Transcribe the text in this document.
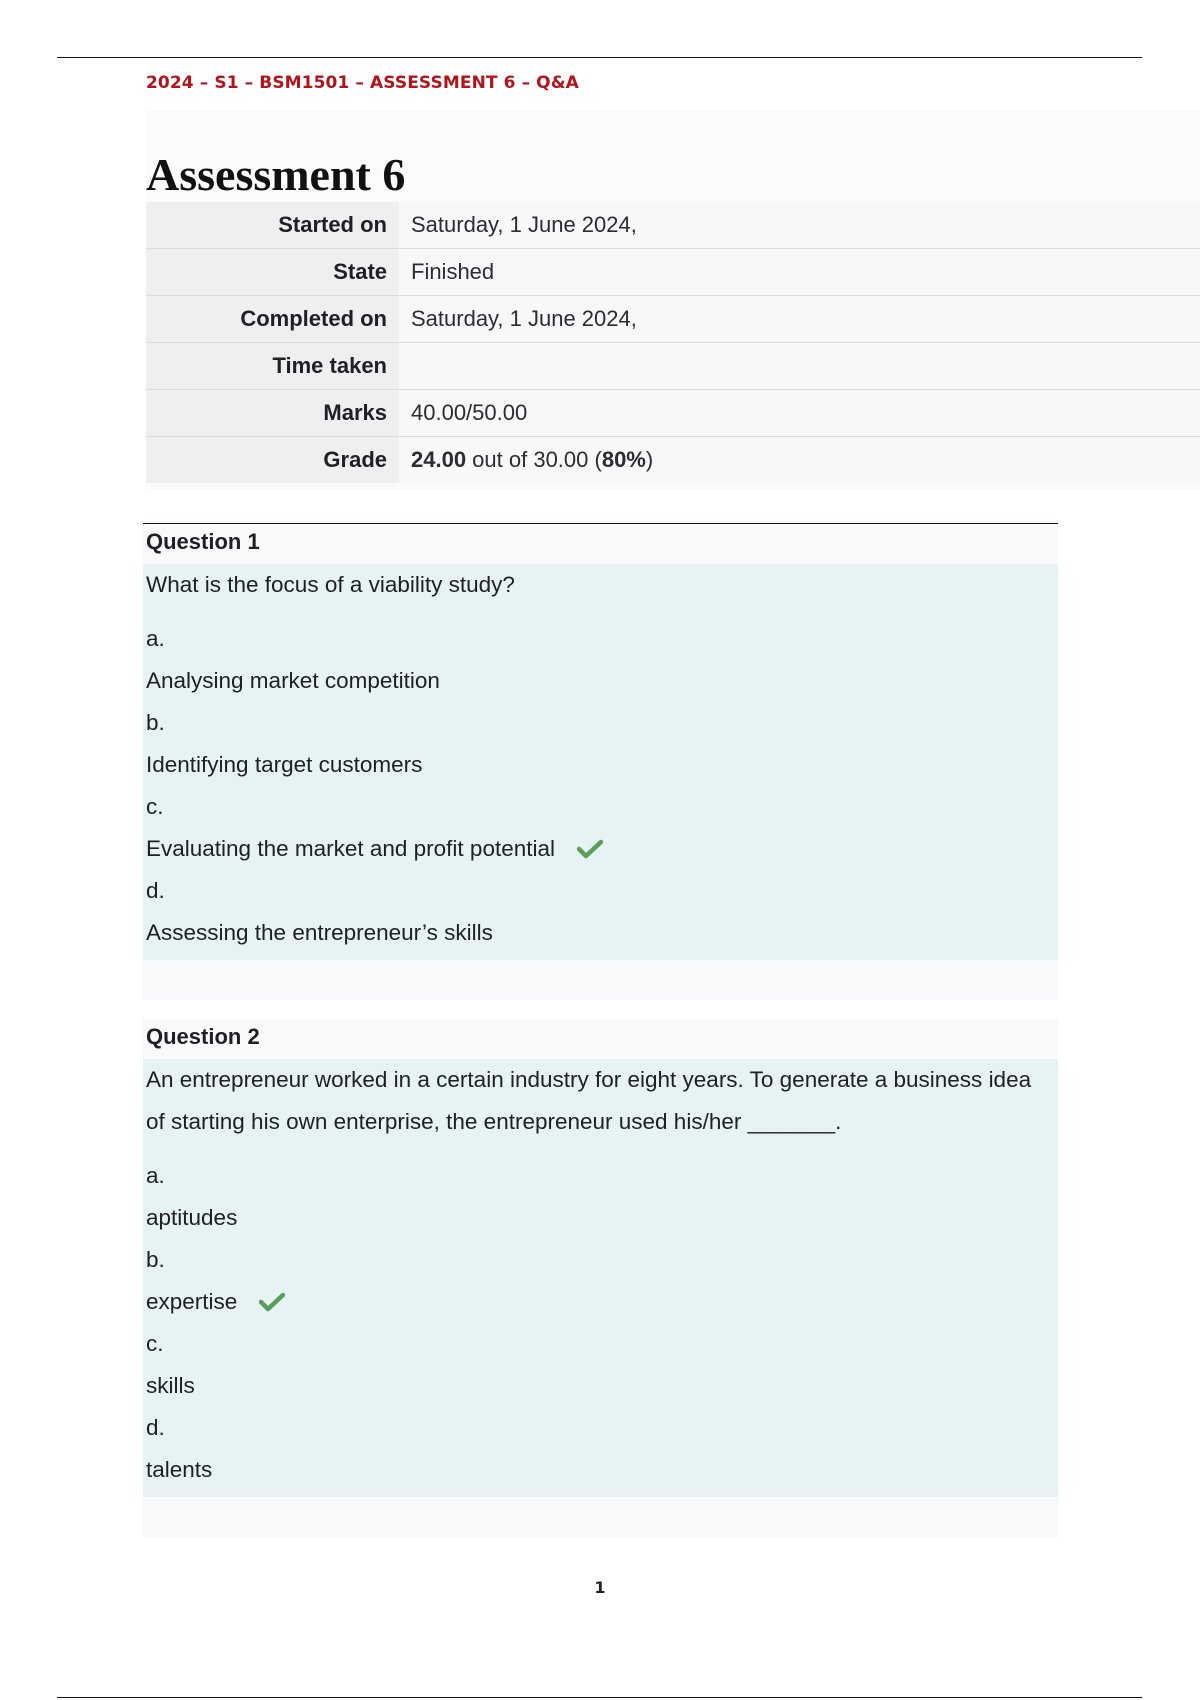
2024 – S1 – BSM1501 – ASSESSMENT 6 – Q&A
Assessment 6
Started on	Saturday, 1 June 2024,
State	Finished
Completed on	Saturday, 1 June 2024,
Time taken	
Marks	40.00/50.00
Grade	24.00 out of 30.00 (80%)
Question 1
What is the focus of a viability study?
a.
Analysing market competition
b.
Identifying target customers
c.
Evaluating the market and profit potential
d.
Assessing the entrepreneur’s skills
Question 2
An entrepreneur worked in a certain industry for eight years. To generate a business idea of starting his own enterprise, the entrepreneur used his/her _______.
a.
aptitudes
b.
expertise
c.
skills
d.
talents
1
